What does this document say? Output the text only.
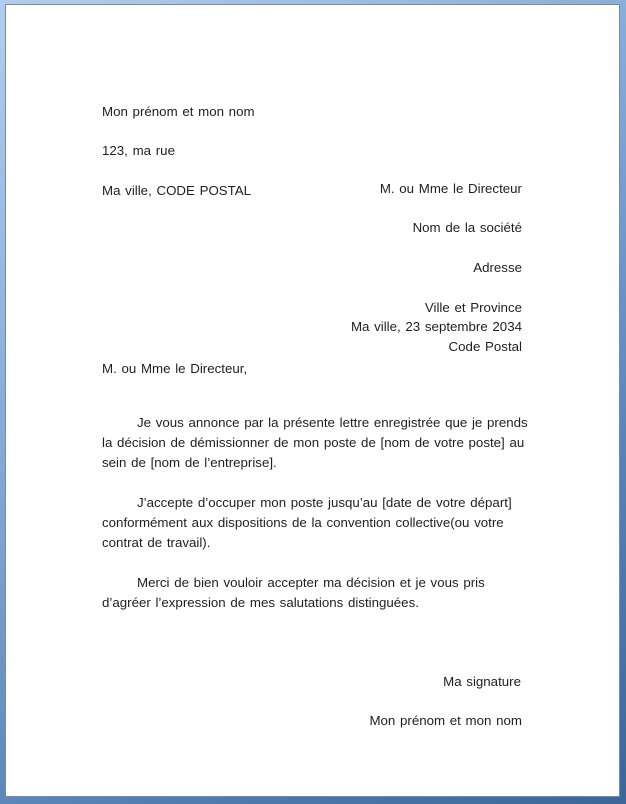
Mon prénom et mon nom

123, ma rue

Ma ville, CODE POSTAL	M. ou Mme le Directeur

Nom de la société

Adresse

Ville et Province

Code Postal

Ma ville, 23 septembre 2034
M. ou Mme le Directeur,
Je vous annonce par la présente lettre enregistrée que je prends la décision de démissionner de mon poste de [nom de votre poste] au sein de [nom de l’entreprise].
J’accepte d’occuper mon poste jusqu’au [date de votre départ] conformément aux dispositions de la convention collective(ou votre contrat de travail).
Merci de bien vouloir accepter ma décision et je vous pris d’agréer l’expression de mes salutations distinguées.
Ma signature
Mon prénom et mon nom
